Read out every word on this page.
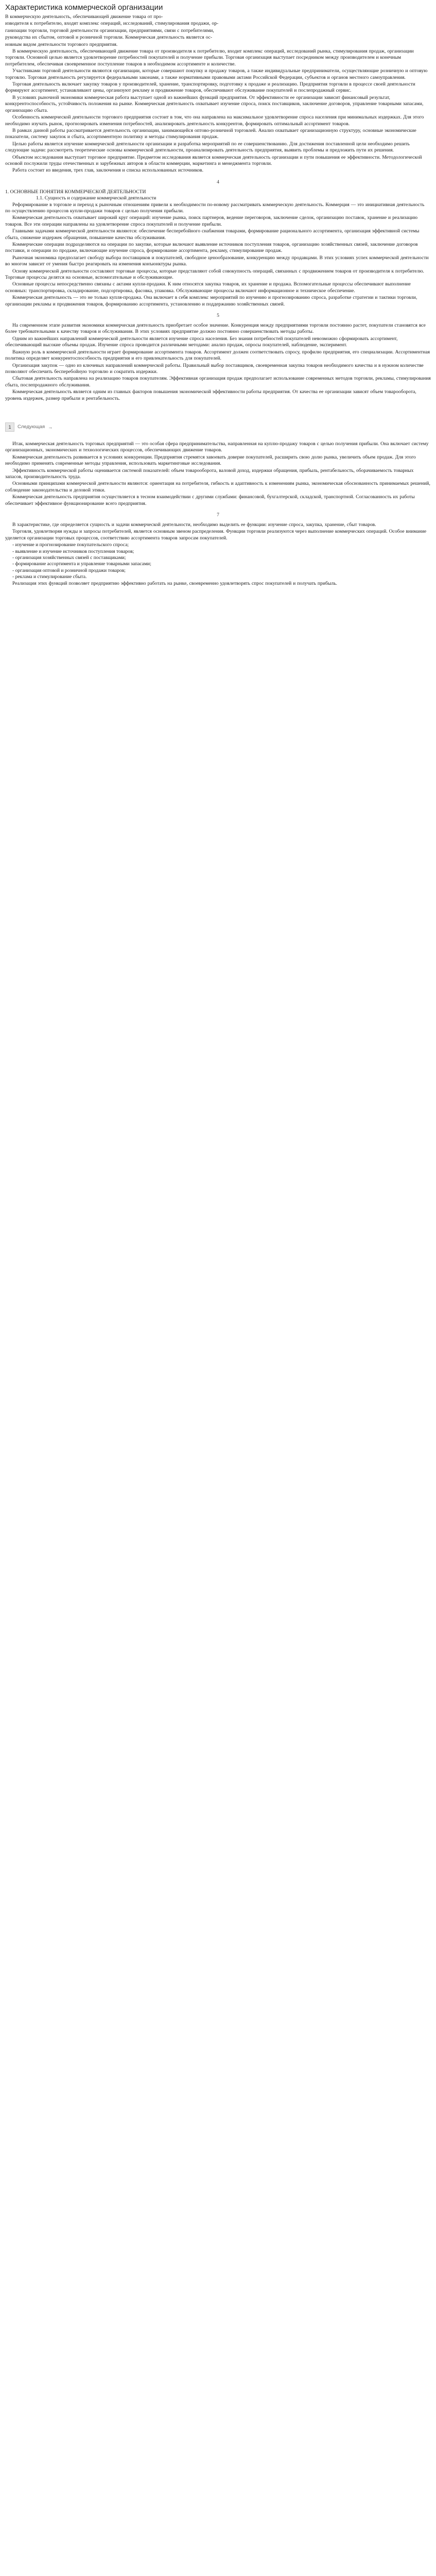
Характеристика коммерческой организации

В коммерческую деятельность, обеспечивающей движение товара от про-

изводителя к потребителю, входят комплекс операций, исследований, стимулирования продажи, ор-

ганизации торговли, торговой деятельности организации, предприятиями, связи с потребителями,

руководства их сбытом, оптовой и розничной торговли. Коммерческая деятельность является ос-

новным видом деятельности торгового предприятия.

В коммерческую деятельность, обеспечивающей движение товара от производителя к потребителю, входит комплекс операций, исследований рынка, стимулирования продаж, организации торговли. Основной целью является удовлетворение потребностей покупателей и получение прибыли. Торговая организация выступает посредником между производителем и конечным потребителем, обеспечивая своевременное поступление товаров в необходимом ассортименте и количестве.

Участниками торговой деятельности являются организации, которые совершают покупку и продажу товаров, а также индивидуальные предприниматели, осуществляющие розничную и оптовую торговлю. Торговая деятельность регулируется федеральными законами, а также нормативными правовыми актами Российской Федерации, субъектов и органов местного самоуправления.

Торговая деятельность включает закупку товаров у производителей, хранение, транспортировку, подготовку к продаже и реализацию. Предприятия торговли в процессе своей деятельности формируют ассортимент, устанавливают цены, организуют рекламу и продвижение товаров, обеспечивают обслуживание покупателей и послепродажный сервис.

В условиях рыночной экономики коммерческая работа выступает одной из важнейших функций предприятия. От эффективности ее организации зависит финансовый результат, конкурентоспособность, устойчивость положения на рынке. Коммерческая деятельность охватывает изучение спроса, поиск поставщиков, заключение договоров, управление товарными запасами, организацию сбыта.

Особенность коммерческой деятельности торгового предприятия состоит в том, что она направлена на максимальное удовлетворение спроса населения при минимальных издержках. Для этого необходимо изучать рынок, прогнозировать изменения потребностей, анализировать деятельность конкурентов, формировать оптимальный ассортимент товаров.

В рамках данной работы рассматривается деятельность организации, занимающейся оптово-розничной торговлей. Анализ охватывает организационную структуру, основные экономические показатели, систему закупок и сбыта, ассортиментную политику и методы стимулирования продаж.

Целью работы является изучение коммерческой деятельности организации и разработка мероприятий по ее совершенствованию. Для достижения поставленной цели необходимо решить следующие задачи: рассмотреть теоретические основы коммерческой деятельности, проанализировать деятельность предприятия, выявить проблемы и предложить пути их решения.

Объектом исследования выступает торговое предприятие. Предметом исследования является коммерческая деятельность организации и пути повышения ее эффективности. Методологической основой послужили труды отечественных и зарубежных авторов в области коммерции, маркетинга и менеджмента торговли.

Работа состоит из введения, трех глав, заключения и списка использованных источников.

4
1. ОСНОВНЫЕ ПОНЯТИЯ КОММЕРЧЕСКОЙ ДЕЯТЕЛЬНОСТИ
1.1. Сущность и содержание коммерческой деятельности

Реформирование в торговле и переход к рыночным отношениям привели к необходимости по-новому рассматривать коммерческую деятельность. Коммерция — это инициативная деятельность по осуществлению процессов купли-продажи товаров с целью получения прибыли.

Коммерческая деятельность охватывает широкий круг операций: изучение рынка, поиск партнеров, ведение переговоров, заключение сделок, организацию поставок, хранение и реализацию товаров. Все эти операции направлены на удовлетворение спроса покупателей и получение прибыли.

Главными задачами коммерческой деятельности являются: обеспечение бесперебойного снабжения товарами, формирование рационального ассортимента, организация эффективной системы сбыта, снижение издержек обращения, повышение качества обслуживания.

Коммерческие операции подразделяются на операции по закупке, которые включают выявление источников поступления товаров, организацию хозяйственных связей, заключение договоров поставки, и операции по продаже, включающие изучение спроса, формирование ассортимента, рекламу, стимулирование продаж.

Рыночная экономика предполагает свободу выбора поставщиков и покупателей, свободное ценообразование, конкуренцию между продавцами. В этих условиях успех коммерческой деятельности во многом зависит от умения быстро реагировать на изменения конъюнктуры рынка.

Основу коммерческой деятельности составляют торговые процессы, которые представляют собой совокупность операций, связанных с продвижением товаров от производителя к потребителю. Торговые процессы делятся на основные, вспомогательные и обслуживающие.

Основные процессы непосредственно связаны с актами купли-продажи. К ним относятся закупка товаров, их хранение и продажа. Вспомогательные процессы обеспечивают выполнение основных: транспортировка, складирование, подсортировка, фасовка, упаковка. Обслуживающие процессы включают информационное и техническое обеспечение.

Коммерческая деятельность — это не только купля-продажа. Она включает в себя комплекс мероприятий по изучению и прогнозированию спроса, разработке стратегии и тактики торговли, организации рекламы и продвижения товаров, формированию ассортимента, установлению и поддержанию хозяйственных связей.

5

На современном этапе развития экономики коммерческая деятельность приобретает особое значение. Конкуренция между предприятиями торговли постоянно растет, покупатели становятся все более требовательными к качеству товаров и обслуживания. В этих условиях предприятие должно постоянно совершенствовать методы работы.

Одним из важнейших направлений коммерческой деятельности является изучение спроса населения. Без знания потребностей покупателей невозможно сформировать ассортимент, обеспечивающий высокие объемы продаж. Изучение спроса проводится различными методами: анализ продаж, опросы покупателей, наблюдение, эксперимент.

Важную роль в коммерческой деятельности играет формирование ассортимента товаров. Ассортимент должен соответствовать спросу, профилю предприятия, его специализации. Ассортиментная политика определяет конкурентоспособность предприятия и его привлекательность для покупателей.

Организация закупок — одно из ключевых направлений коммерческой работы. Правильный выбор поставщиков, своевременная закупка товаров необходимого качества и в нужном количестве позволяют обеспечить бесперебойную торговлю и сократить издержки.

Сбытовая деятельность направлена на реализацию товаров покупателям. Эффективная организация продаж предполагает использование современных методов торговли, рекламы, стимулирования сбыта, послепродажного обслуживания.

Коммерческая деятельность является одним из главных факторов повышения экономической эффективности работы предприятия. От качества ее организации зависят объем товарооборота, уровень издержек, размер прибыли и рентабельность.

1	Следующая →

Итак, коммерческая деятельность торговых предприятий — это особая сфера предпринимательства, направленная на куплю-продажу товаров с целью получения прибыли. Она включает систему организационных, экономических и технологических процессов, обеспечивающих движение товаров.

Коммерческая деятельность развивается в условиях конкуренции. Предприятия стремятся завоевать доверие покупателей, расширить свою долю рынка, увеличить объем продаж. Для этого необходимо применять современные методы управления, использовать маркетинговые исследования.

Эффективность коммерческой работы оценивается системой показателей: объем товарооборота, валовой доход, издержки обращения, прибыль, рентабельность, оборачиваемость товарных запасов, производительность труда.

Основными принципами коммерческой деятельности являются: ориентация на потребителя, гибкость и адаптивность к изменениям рынка, экономическая обоснованность принимаемых решений, соблюдение законодательства и деловой этики.

Коммерческая деятельность предприятия осуществляется в тесном взаимодействии с другими службами: финансовой, бухгалтерской, складской, транспортной. Согласованность их работы обеспечивает эффективное функционирование всего предприятия.

7

В характеристике, где определяется сущность и задачи коммерческой деятельности, необходимо выделить ее функции: изучение спроса, закупка, хранение, сбыт товаров.

Торговля, удовлетворяя нужды и запросы потребителей, является основным звеном распределения. Функции торговли реализуются через выполнение коммерческих операций. Особое внимание уделяется организации торговых процессов, соответствию ассортимента товаров запросам покупателей.

- изучение и прогнозирование покупательского спроса;
- выявление и изучение источников поступления товаров;
- организация хозяйственных связей с поставщиками;
- формирование ассортимента и управление товарными запасами;
- организация оптовой и розничной продажи товаров;
- реклама и стимулирование сбыта.

Реализация этих функций позволяет предприятию эффективно работать на рынке, своевременно удовлетворять спрос покупателей и получать прибыль.
